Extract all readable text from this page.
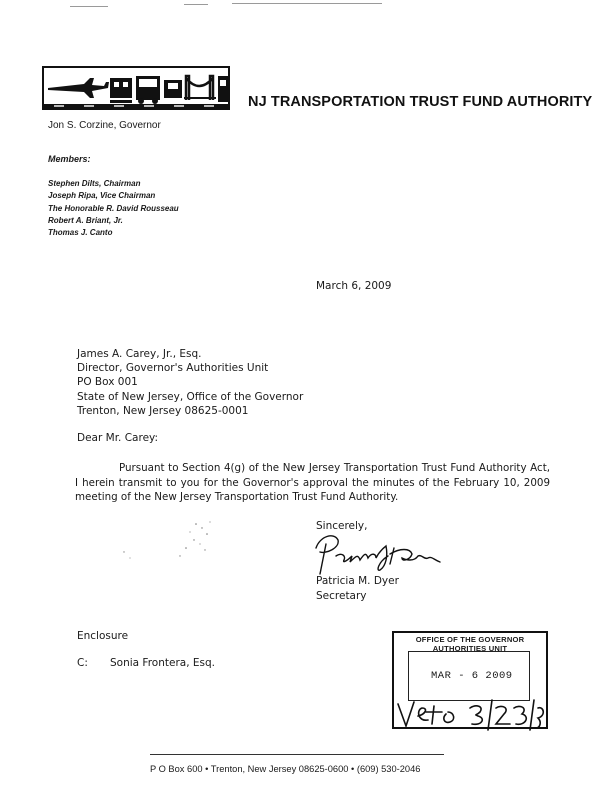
NJ TRANSPORTATION TRUST FUND AUTHORITY
Jon S. Corzine, Governor
Members:
Stephen Dilts, Chairman
Joseph Ripa, Vice Chairman
The Honorable R. David Rousseau
Robert A. Briant, Jr.
Thomas J. Canto
March 6, 2009
James A. Carey, Jr., Esq.
Director, Governor's Authorities Unit
PO Box 001
State of New Jersey, Office of the Governor
Trenton, New Jersey 08625-0001
Dear Mr. Carey:
Pursuant to Section 4(g) of the New Jersey Transportation Trust Fund Authority Act, I herein transmit to you for the Governor's approval the minutes of the February 10, 2009 meeting of the New Jersey Transportation Trust Fund Authority.
Sincerely,
Patricia M. Dyer
Secretary
Enclosure
C: Sonia Frontera, Esq.
OFFICE OF THE GOVERNOR
AUTHORITIES UNIT
MAR - 6 2009
P O Box 600 • Trenton, New Jersey 08625-0600 • (609) 530-2046
